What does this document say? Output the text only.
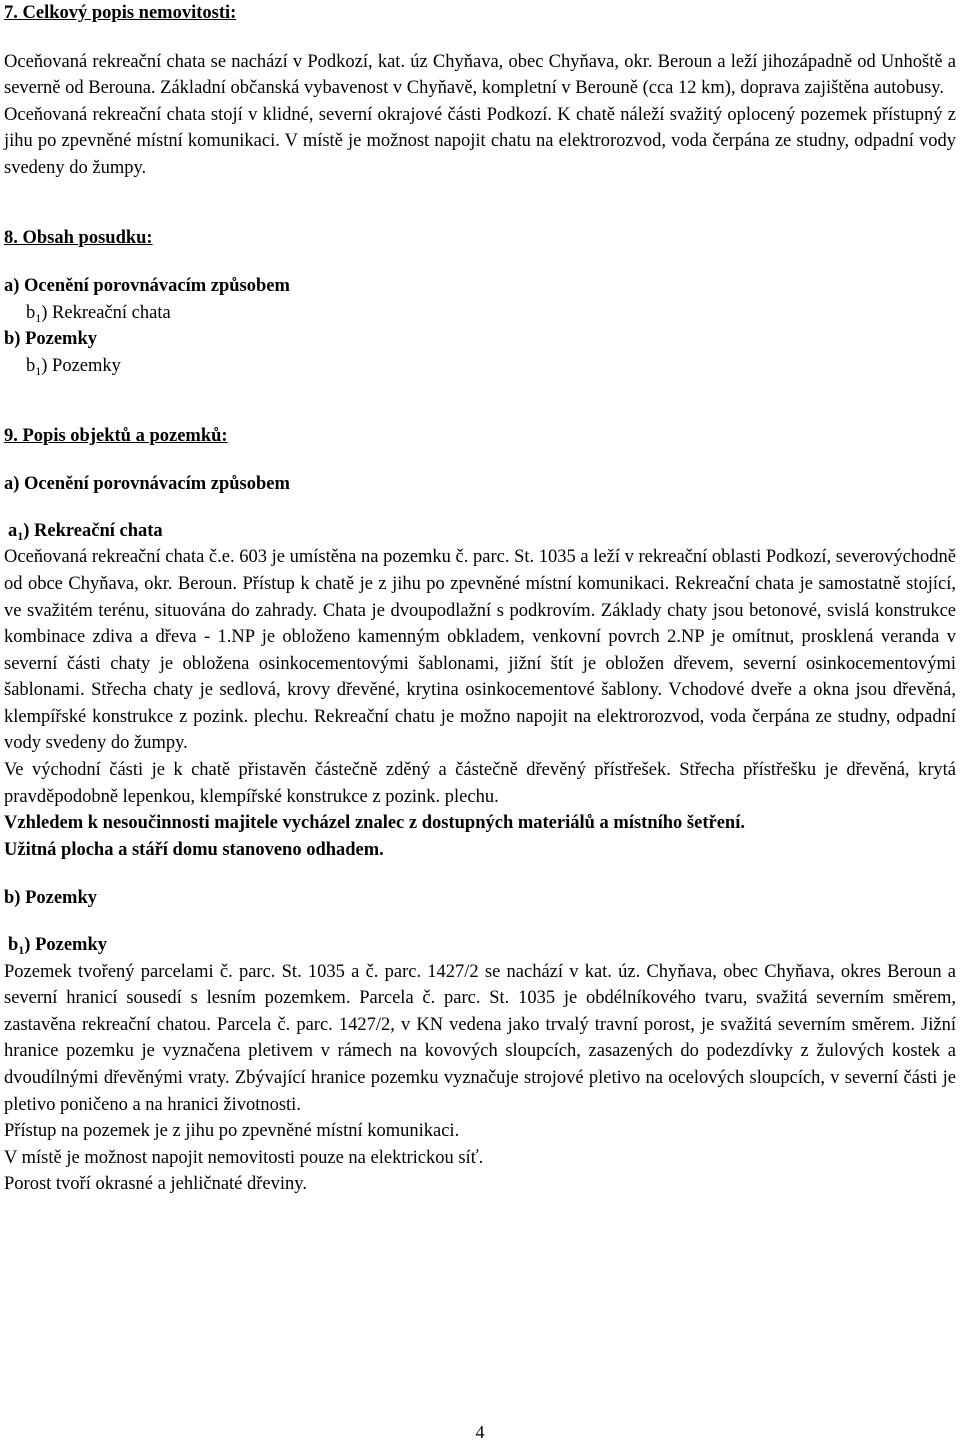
7. Celkový popis nemovitosti:

Oceňovaná rekreační chata se nachází v Podkozí, kat. úz Chyňava, obec Chyňava, okr. Beroun a leží jihozápadně od Unhoště a severně od Berouna. Základní občanská vybavenost v Chyňavě, kompletní v Berouně (cca 12 km), doprava zajištěna autobusy.

Oceňovaná rekreační chata stojí v klidné, severní okrajové části Podkozí. K chatě náleží svažitý oplocený pozemek přístupný z jihu po zpevněné místní komunikaci. V místě je možnost napojit chatu na elektrorozvod, voda čerpána ze studny, odpadní vody svedeny do žumpy.

8. Obsah posudku:

a) Ocenění porovnávacím způsobem

$b_1$) Rekreační chata

b) Pozemky

$b_1$) Pozemky

9. Popis objektů a pozemků:

a) Ocenění porovnávacím způsobem

$a_1$) Rekreační chata

Oceňovaná rekreační chata č.e. 603 je umístěna na pozemku č. parc. St. 1035 a leží v rekreační oblasti Podkozí, severovýchodně od obce Chyňava, okr. Beroun. Přístup k chatě je z jihu po zpevněné místní komunikaci. Rekreační chata je samostatně stojící, ve svažitém terénu, situována do zahrady. Chata je dvoupodlažní s podkrovím. Základy chaty jsou betonové, svislá konstrukce kombinace zdiva a dřeva - 1.NP je obloženo kamenným obkladem, venkovní povrch 2.NP je omítnut, prosklená veranda v severní části chaty je obložena osinkocementovými šablonami, jižní štít je obložen dřevem, severní osinkocementovými šablonami. Střecha chaty je sedlová, krovy dřevěné, krytina osinkocementové šablony. Vchodové dveře a okna jsou dřevěná, klempířské konstrukce z pozink. plechu. Rekreační chatu je možno napojit na elektrorozvod, voda čerpána ze studny, odpadní vody svedeny do žumpy.

Ve východní části je k chatě přistavěn částečně zděný a částečně dřevěný přístřešek. Střecha přístřešku je dřevěná, krytá pravděpodobně lepenkou, klempířské konstrukce z pozink. plechu.

Vzhledem k nesoučinnosti majitele vycházel znalec z dostupných materiálů a místního šetření.

Užitná plocha a stáří domu stanoveno odhadem.

b) Pozemky

$b_1$) Pozemky

Pozemek tvořený parcelami č. parc. St. 1035 a č. parc. 1427/2 se nachází v kat. úz. Chyňava, obec Chyňava, okres Beroun a severní hranicí sousedí s lesním pozemkem. Parcela č. parc. St. 1035 je obdélníkového tvaru, svažitá severním směrem, zastavěna rekreační chatou. Parcela č. parc. 1427/2, v KN vedena jako trvalý travní porost, je svažitá severním směrem. Jižní hranice pozemku je vyznačena pletivem v rámech na kovových sloupcích, zasazených do podezdívky z žulových kostek a dvoudílnými dřevěnými vraty. Zbývající hranice pozemku vyznačuje strojové pletivo na ocelových sloupcích, v severní části je pletivo poničeno a na hranici životnosti.

Přístup na pozemek je z jihu po zpevněné místní komunikaci.

V místě je možnost napojit nemovitosti pouze na elektrickou síť.

Porost tvoří okrasné a jehličnaté dřeviny.

4
